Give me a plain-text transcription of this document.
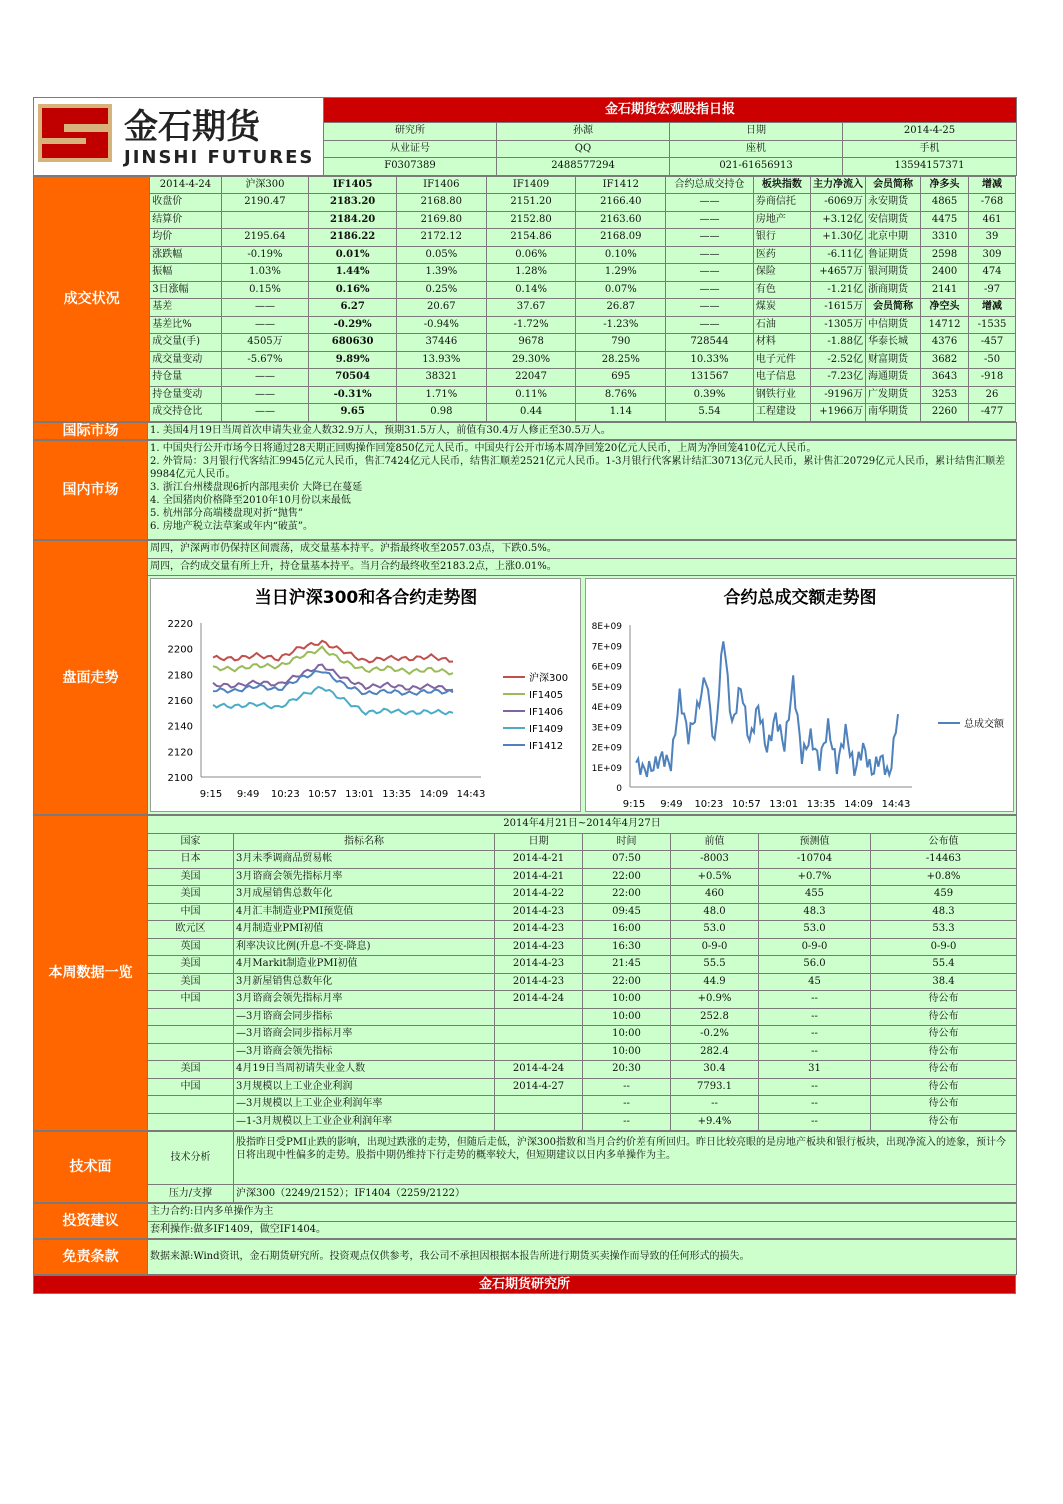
金石期货
JINSHI FUTURES	金石期货宏观股指日报			
	研究所	孙源	日期	2014-4-25
	从业证号	QQ	座机	手机
	F0307389	2488577294	021-61656913	13594157371
成交状况	2014-4-24	沪深300	IF1405	IF1406	IF1409	IF1412	合约总成交持仓	板块指数	主力净流入	会员简称	净多头	增减
	收盘价	2190.47	2183.20	2168.80	2151.20	2166.40	——	券商信托	-6069万	永安期货	4865	-768
	结算价		2184.20	2169.80	2152.80	2163.60	——	房地产	+3.12亿	安信期货	4475	461
	均价	2195.64	2186.22	2172.12	2154.86	2168.09	——	银行	+1.30亿	北京中期	3310	39
	涨跌幅	-0.19%	0.01%	0.05%	0.06%	0.10%	——	医药	-6.11亿	鲁证期货	2598	309
	振幅	1.03%	1.44%	1.39%	1.28%	1.29%	——	保险	+4657万	银河期货	2400	474
	3日涨幅	0.15%	0.16%	0.25%	0.14%	0.07%	——	有色	-1.21亿	浙商期货	2141	-97
	基差	——	6.27	20.67	37.67	26.87	——	煤炭	-1615万	会员简称	净空头	增减
	基差比%	——	-0.29%	-0.94%	-1.72%	-1.23%	——	石油	-1305万	中信期货	14712	-1535
	成交量(手)	4505万	680630	37446	9678	790	728544	材料	-1.88亿	华泰长城	4376	-457
	成交量变动	-5.67%	9.89%	13.93%	29.30%	28.25%	10.33%	电子元件	-2.52亿	财富期货	3682	-50
	持仓量	——	70504	38321	22047	695	131567	电子信息	-7.23亿	海通期货	3643	-918
	持仓量变动	——	-0.31%	1.71%	0.11%	8.76%	0.39%	钢铁行业	-9196万	广发期货	3253	26
	成交持仓比	——	9.65	0.98	0.44	1.14	5.54	工程建设	+1966万	南华期货	2260	-477
国际市场	1. 美国4月19日当周首次申请失业金人数32.9万人，预期31.5万人，前值有30.4万人修正至30.5万人。
国内市场	
1. 中国央行公开市场今日将通过28天期正回购操作回笼850亿元人民币。中国央行公开市场本周净回笼20亿元人民币，上周为净回笼410亿元人民币。
2. 外管局：3月银行代客结汇9945亿元人民币，售汇7424亿元人民币，结售汇顺差2521亿元人民币。1-3月银行代客累计结汇30713亿元人民币，累计售汇20729亿元人民币，累计结售汇顺差9984亿元人民币。
3. 浙江台州楼盘现6折内部甩卖价 大降已在蔓延
4. 全国猪肉价格降至2010年10月份以来最低
5. 杭州部分高端楼盘现对折“抛售”
6. 房地产税立法草案或年内“破茧”。
盘面走势	周四，沪深两市仍保持区间震荡，成交量基本持平。沪指最终收至2057.03点，下跌0.5%。
周四，合约成交量有所上升，持仓量基本持平。当月合约最终收至2183.2点，上涨0.01%。

当日沪深300和各合约走势图
2100
2120
2140
2160
2180
2200
2220
9:15 9:49 10:23 10:57 13:01 13:35 14:09 14:43
沪深300
IF1405
IF1406
IF1409
IF1412
合约总成交额走势图
0
1E+09
2E+09
3E+09
4E+09
5E+09
6E+09
7E+09
8E+09
9:15 9:49 10:23 10:57 13:01 13:35 14:09 14:43
总成交额
本周数据一览	2014年4月21日~2014年4月27日						
	国家	指标名称	日期	时间	前值	预测值	公布值
	日本	3月未季调商品贸易帐	2014-4-21	07:50	-8003	-10704	-14463
	美国	3月谘商会领先指标月率	2014-4-21	22:00	+0.5%	+0.7%	+0.8%
	美国	3月成屋销售总数年化	2014-4-22	22:00	460	455	459
	中国	4月汇丰制造业PMI预览值	2014-4-23	09:45	48.0	48.3	48.3
	欧元区	4月制造业PMI初值	2014-4-23	16:00	53.0	53.0	53.3
	英国	利率决议比例(升息-不变-降息)	2014-4-23	16:30	0-9-0	0-9-0	0-9-0
	美国	4月Markit制造业PMI初值	2014-4-23	21:45	55.5	56.0	55.4
	美国	3月新屋销售总数年化	2014-4-23	22:00	44.9	45	38.4
	中国	3月谘商会领先指标月率	2014-4-24	10:00	+0.9%	--	待公布
		—3月谘商会同步指标		10:00	252.8	--	待公布
		—3月谘商会同步指标月率		10:00	-0.2%	--	待公布
		—3月谘商会领先指标		10:00	282.4	--	待公布
	美国	4月19日当周初请失业金人数	2014-4-24	20:30	30.4	31	待公布
	中国	3月规模以上工业企业利润	2014-4-27	--	7793.1	--	待公布
		—3月规模以上工业企业利润年率		--	--	--	待公布
		—1-3月规模以上工业企业利润年率		--	+9.4%	--	待公布
技术面	技术分析	股指昨日受PMI止跌的影响，出现过跌涨的走势，但随后走低，沪深300指数和当月合约价差有所回归。昨日比较亮眼的是房地产板块和银行板块，出现净流入的迹象，预计今日将出现中性偏多的走势。股指中期仍维持下行走势的概率较大，但短期建议以日内多单操作为主。
	压力/支撑	沪深300（2249/2152）；IF1404（2259/2122）
投资建议	主力合约:日内多单操作为主
套利操作:做多IF1409，做空IF1404。
免责条款	数据来源:Wind资讯，金石期货研究所。投资观点仅供参考，我公司不承担因根据本报告所进行期货买卖操作而导致的任何形式的损失。
金石期货研究所
